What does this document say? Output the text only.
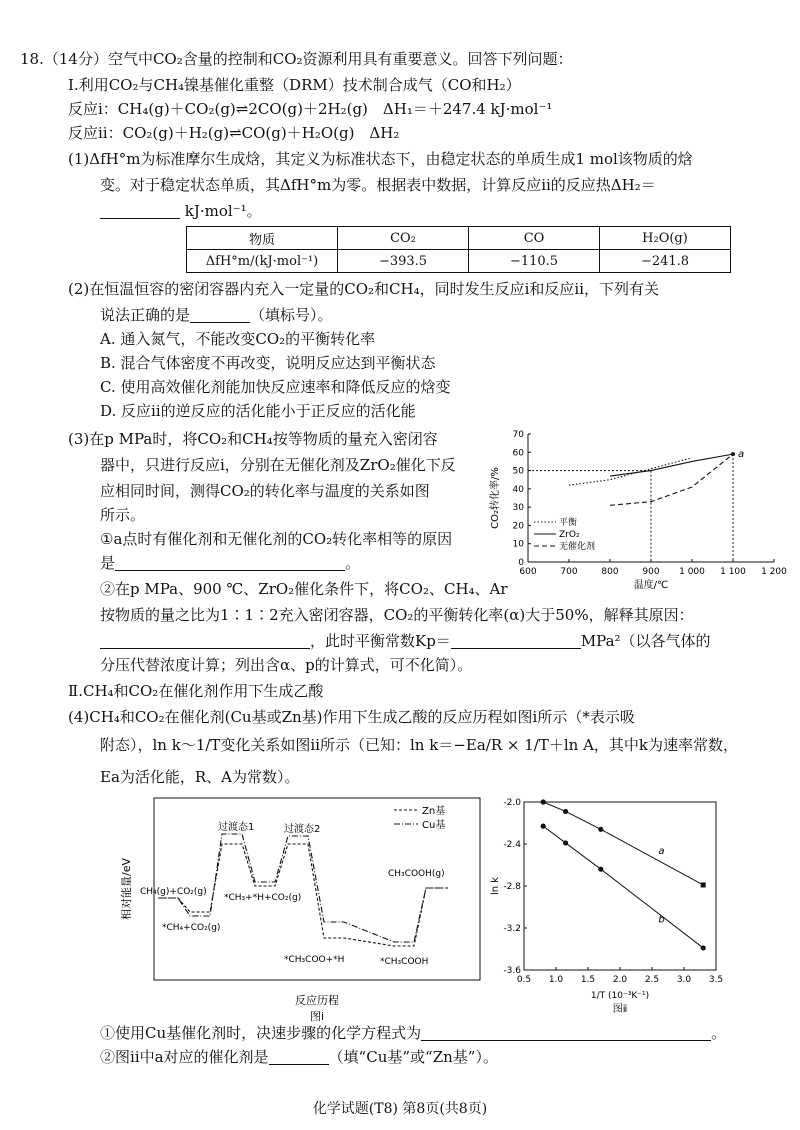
18.（14分）空气中CO₂含量的控制和CO₂资源利用具有重要意义。回答下列问题：
Ⅰ.利用CO₂与CH₄镍基催化重整（DRM）技术制合成气（CO和H₂）
反应ⅰ：CH₄(g)＋CO₂(g)⇌2CO(g)＋2H₂(g)　ΔH₁＝＋247.4 kJ·mol⁻¹
反应ⅱ：CO₂(g)＋H₂(g)⇌CO(g)＋H₂O(g)　ΔH₂
(1)ΔfH°m为标准摩尔生成焓，其定义为标准状态下，由稳定状态的单质生成1 mol该物质的焓
变。对于稳定状态单质，其ΔfH°m为零。根据表中数据，计算反应ⅱ的反应热ΔH₂＝
kJ·mol⁻¹。
物质	CO₂	CO	H₂O(g)
ΔfH°m/(kJ·mol⁻¹)	−393.5	−110.5	−241.8
(2)在恒温恒容的密闭容器内充入一定量的CO₂和CH₄，同时发生反应ⅰ和反应ⅱ，下列有关
说法正确的是	（填标号）。
A. 通入氮气，不能改变CO₂的平衡转化率
B. 混合气体密度不再改变，说明反应达到平衡状态
C. 使用高效催化剂能加快反应速率和降低反应的焓变
D. 反应ⅱ的逆反应的活化能小于正反应的活化能
(3)在p MPa时，将CO₂和CH₄按等物质的量充入密闭容
器中，只进行反应ⅰ，分别在无催化剂及ZrO₂催化下反
应相同时间，测得CO₂的转化率与温度的关系如图
所示。
①a点时有催化剂和无催化剂的CO₂转化率相等的原因
是	。
②在p MPa、900 ℃、ZrO₂催化条件下，将CO₂、CH₄、Ar
按物质的量之比为1∶1∶2充入密闭容器，CO₂的平衡转化率(α)大于50%，解释其原因：
，此时平衡常数Kp＝	MPa²（以各气体的
分压代替浓度计算；列出含α、p的计算式，可不化简）。
600	700	800	900 1 000 1 100 1 200
0
10
20
30
40
50
60
70
温度/℃
CO₂转化率/%
a
平衡
ZrO₂
无催化剂
Ⅱ.CH₄和CO₂在催化剂作用下生成乙酸
(4)CH₄和CO₂在催化剂(Cu基或Zn基)作用下生成乙酸的反应历程如图ⅰ所示（*表示吸
附态），ln k～1/T变化关系如图ⅱ所示（已知：ln k＝−Ea/R × 1/T＋ln A，其中k为速率常数，
Ea为活化能，R、A为常数）。
相对能量/eV
反应历程
图ⅰ
Zn基
Cu基
过渡态1	过渡态2
CH₄(g)+CO₂(g)
*CH₄+CO₂(g)
*CH₃+*H+CO₂(g)
*CH₃COO+*H	*CH₃COOH
CH₃COOH(g)
0.5 1.0 1.5 2.0 2.5 3.0 3.5
-2.0
-2.4
-2.8
-3.2
-3.6
1/T (10⁻³K⁻¹)
ln k
图ⅱ
a
b
①使用Cu基催化剂时，决速步骤的化学方程式为	。
②图ⅱ中a对应的催化剂是	（填“Cu基”或“Zn基”）。
化学试题(T8) 第8页(共8页)
